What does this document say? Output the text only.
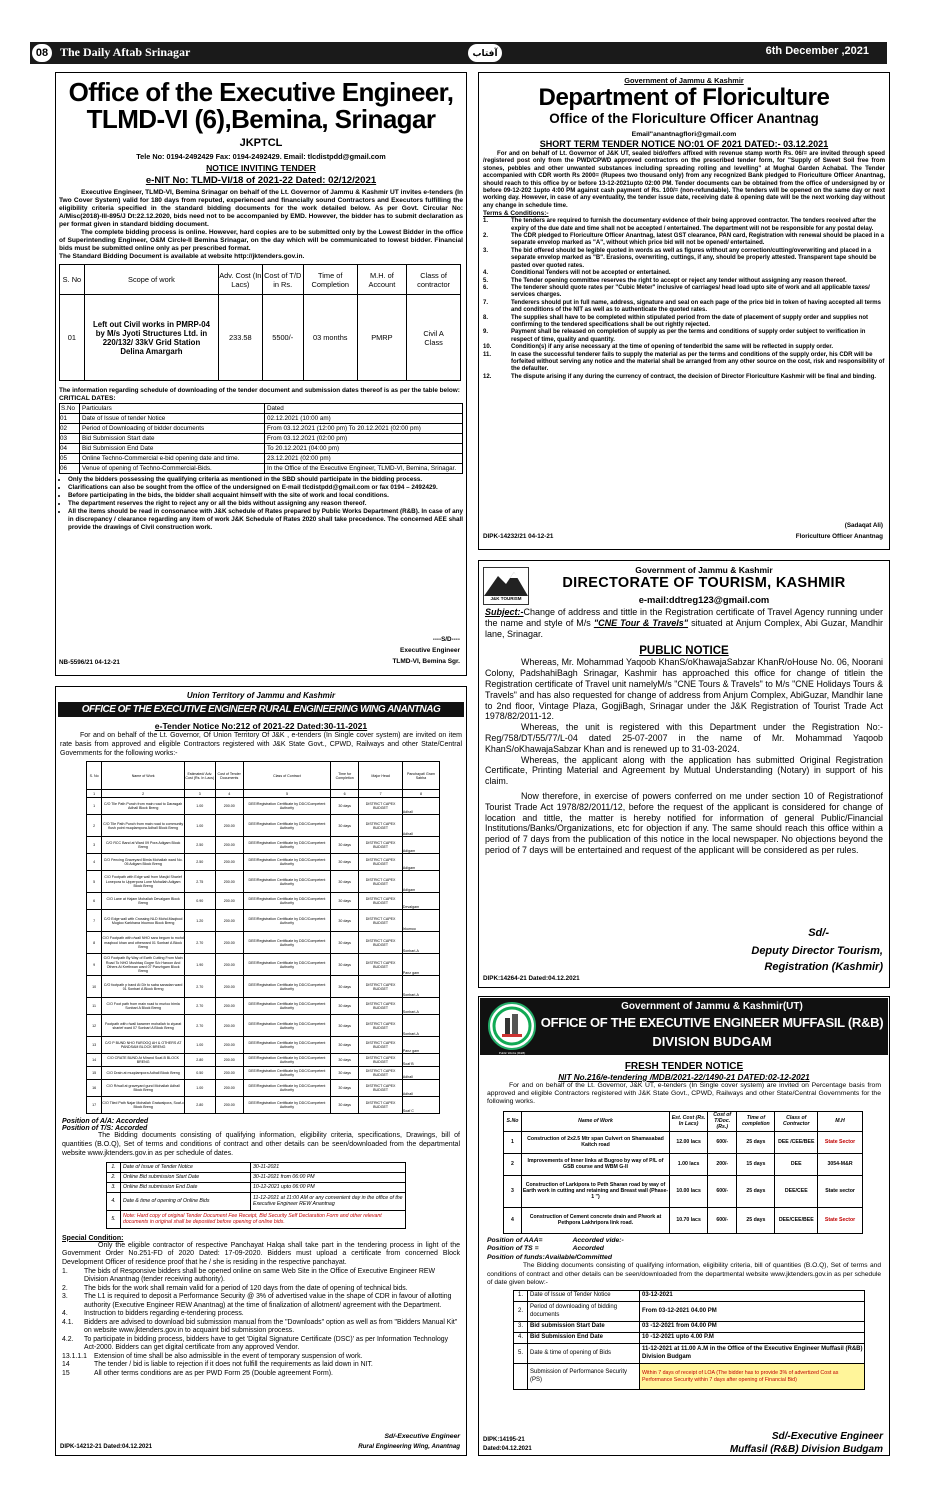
08 The Daily Aftab Srinagar	آفتاب	6th December ,2021
Office of the Executive Engineer,
TLMD-VI (6),Bemina, Srinagar
JKPTCL
Tele No: 0194-2492429 Fax: 0194-2492429. Email: tlcdistpdd@gmail.com
NOTICE INVITING TENDER
e-NIT No: TLMD-VI/18 of 2021-22 Dated: 02/12/2021

Executive Engineer, TLMD-VI, Bemina Srinagar on behalf of the Lt. Governor of Jammu & Kashmir UT invites e-tenders (In Two Cover System) valid for 180 days from reputed, experienced and financially sound Contractors and Executors fulfilling the eligibility criteria specified in the standard bidding documents for the work detailed below. As per Govt. Circular No: A/Misc(2018)-III-895/J Dt:22.12.2020, bids need not to be accompanied by EMD. However, the bidder has to submit declaration as per format given in standard bidding document.

The complete bidding process is online. However, hard copies are to be submitted only by the Lowest Bidder in the office of Superintending Engineer, O&M Circle-II Bemina Srinagar, on the day which will be communicated to lowest bidder. Financial bids must be submitted online only as per prescribed format.

The Standard Bidding Document is available at website http://jktenders.gov.in.

S. No	Scope of work	Adv. Cost (In Lacs)	Cost of T/D in Rs.	Time of Completion	M.H. of Account	Class of contractor
01	Left out Civil works in PMRP-04 by M/s Jyoti Structures Ltd. in 220/132/ 33kV Grid Station Delina Amargarh	233.58	5500/-	03 months	PMRP	Civil A Class

The information regarding schedule of downloading of the tender document and submission dates thereof is as per the table below:

CRITICAL DATES:

S.No	Particulars	Dated
01	Date of Issue of tender Notice	02.12.2021 (10:00 am)
02	Period of Downloading of bidder documents	From 03.12.2021 (12:00 pm) To 20.12.2021 (02:00 pm)
03	Bid Submission Start date	From 03.12.2021 (02:00 pm)
04	Bid Submission End Date	To 20.12.2021 (04:00 pm)
05	Online Techno-Commercial e-bid opening date and time.	23.12.2021 (02:00 pm)
06	Venue of opening of Techno-Commercial-Bids.	In the Office of the Executive Engineer, TLMD-VI, Bemina, Srinagar.
• Only the bidders possessing the qualifying criteria as mentioned in the SBD should participate in the bidding process.
• Clarifications can also be sought from the office of the undersigned on E-mail tlcdistpdd@gmail.com or fax 0194 – 2492429.
• Before participating in the bids, the bidder shall acquaint himself with the site of work and local conditions.
• The department reserves the right to reject any or all the bids without assigning any reason thereof.
• All the items should be read in consonance with J&K schedule of Rates prepared by Public Works Department (R&B). In case of any in discrepancy / clearance regarding any item of work J&K Schedule of Rates 2020 shall take precedence. The concerned AEE shall provide the drawings of Civil construction work.
----S/D----
Executive Engineer
TLMD-VI, Bemina Sgr.
NB-5596/21 04-12-21
Union Territory of Jammu and Kashmir
OFFICE OF THE EXECUTIVE ENGINEER RURAL ENGINEERING WING ANANTNAG
e-Tender Notice No:212 of 2021-22 Dated:30-11-2021

For and on behalf of the Lt. Governor, Of Union Territory Of J&K , e-tenders (In Single cover system) are invited on item rate basis from approved and eligible Contractors registered with J&K State Govt., CPWD, Railways and other State/Central Governments for the following works:-

S. No	Name of Work	Estimated/ Adv. Cost (Rs. In Lacs)	Cost of Tender Documents	Class of Contract	Time for Completion	Major Head	Panchayat/ Gram Sabha
1	2	3	4	5	6	7	8
1	C/O Tile Path Punch from main road to Darasgah Adhall Block Breng	1.00	200.00	DEE/Registration Certificate by DDC/Competent Authority	30 days	DISTRICT CAPEX BUDGET	Adhall
2	C/O Tile Path Punch from main road to community flush point muqdampora Adhall Block Breng	1.00	200.00	DEE/Registration Certificate by DDC/Competent Authority	30 days	DISTRICT CAPEX BUDGET	Adhall
3	C/O RCC Band at Ward 09 Pora Adigam Block Breng	2.50	200.00	DEE/Registration Certificate by DDC/Competent Authority	30 days	DISTRICT CAPEX BUDGET	Adigam
4	C/O Fencing Graveyard Bimla Mohallah ward No. 05 Adigam Block Breng	2.50	200.00	DEE/Registration Certificate by DDC/Competent Authority	30 days	DISTRICT CAPEX BUDGET	Adigam
5	C/O Footpath with Edge wall from Masjid Sharief Lonepora to Upperpora Lone Mohallah Adigam Block Breng	2.75	200.00	DEE/Registration Certificate by DDC/Competent Authority	30 days	DISTRICT CAPEX BUDGET	Adigam
6	C/O Lane at Hajam Mohallah Devalgam Block Breng	0.90	200.00	DEE/Registration Certificate by DDC/Competent Authority	30 days	DISTRICT CAPEX BUDGET	Devalgam
7	C/O Edge wall with Crossing NLD Mohd.Maqbool Mugloo Karkhana Irkumoo Block Breng	1.20	200.00	DEE/Registration Certificate by DDC/Competent Authority	30 days	DISTRICT CAPEX BUDGET	Irkumoo
8	C/O Footpath with r/wall NHO sara begum to mohd maqbool khan and otherward 01 Sonbari A Block Breng	2.70	200.00	DEE/Registration Certificate by DDC/Competent Authority	30 days	DISTRICT CAPEX BUDGET	Sonbari-A
9	C/O Footpath By Way of Earth Cutting From Main Road To NHO Mushtaq Gogre S/o Haroon And Others At Krethwan ward 07 Panzhgam Block Breng	1.90	200.00	DEE/Registration Certificate by DDC/Competent Authority	30 days	DISTRICT CAPEX BUDGET	Panz gam
10	C/O footpath p band At Dir to saba sanadan ward 01 Sonbari A Block Breng	2.70	200.00	DEE/Registration Certificate by DDC/Competent Authority	30 days	DISTRICT CAPEX BUDGET	Sonbari-A
11	C/O Foot path from main road to murloo bimla Sonbari A Block Breng	2.70	200.00	DEE/Registration Certificate by DDC/Competent Authority	30 days	DISTRICT CAPEX BUDGET	Sonbari-A
12	Footpath with r/wall karamer mohallah to ziyarat sharief ward 07 Sonbari A Block Breng	2.70	200.00	DEE/Registration Certificate by DDC/Competent Authority	30 days	DISTRICT CAPEX BUDGET	Sonbari-A
13	C/O P BUND NHO FAROOQ AH & OTHERS AT PANDSAM BLOCK BRENG	1.00	200.00	DEE/Registration Certificate by DDC/Competent Authority	30 days	DISTRICT CAPEX BUDGET	Panz gam
14	C/O CRATE BUND At Mirand Soaf-B BLOCK BRENG	2.80	200.00	DEE/Registration Certificate by DDC/Competent Authority	30 days	DISTRICT CAPEX BUDGET	Soaf B
15	C/O Drain at muqdampora Adhall Block Breng	0.50	200.00	DEE/Registration Certificate by DDC/Competent Authority	30 days	DISTRICT CAPEX BUDGET	Adhall
16	C/O R/wall at graveyard gund Mohallah Adhall Block Breng	1.00	200.00	DEE/Registration Certificate by DDC/Competent Authority	30 days	DISTRICT CAPEX BUDGET	Adhall
17	C/O Tiled Path Najar Mohallah Gratwalpora, Soaf-c Block Breng	2.80	200.00	DEE/Registration Certificate by DDC/Competent Authority	30 days	DISTRICT CAPEX BUDGET	Soaf C

Position of A/A: Accorded

Position of T/S: Accorded

The Bidding documents consisting of qualifying information, eligibility criteria, specifications, Drawings, bill of quantities (B.O.Q), Set of terms and conditions of contract and other details can be seen/downloaded from the departmental website www.jktenders.gov.in as per schedule of dates.

1.	Date of Issue of Tender Notice	30-11-2021
2.	Online Bid submission Start Date	30-11-2021 from 06:00 PM
3.	Online Bid submission End Date	10-12-2021 upto 06:00 PM
4.	Date & time of opening of Online Bids	11-12-2021 at 11:00 AM or any convenient day in the office of the Executive Engineer REW Anantnag
5.	Note: Hard copy of original Tender Document Fee Receipt, Bid Security Self Declaration Form and other relevant documents in original shall be deposited before opening of online bids.	

Special Condition:

Only the eligible contractor of respective Panchayat Halqa shall take part in the tendering process in light of the Government Order No.251-FD of 2020 Dated: 17-09-2020. Bidders must upload a certificate from concerned Block Development Officer of residence proof that he / she is residing in the respective panchayat.

1.	The bids of Responsive bidders shall be opened online on same Web Site in the Office of Executive Engineer REW Division Anantnag (tender receiving authority).
2.	The bids for the work shall remain valid for a period of 120 days from the date of opening of technical bids.
3.	The L1 is required to deposit a Performance Security @ 3% of advertised value in the shape of CDR in favour of allotting authority (Executive Engineer REW Anantnag) at the time of finalization of allotment/ agreement with the Department.
4.	Instruction to bidders regarding e-tendering process.
4.1.	Bidders are advised to download bid submission manual from the "Downloads" option as well as from "Bidders Manual Kit" on website www.jktenders.gov.in to acquaint bid submission process.
4.2.	To participate in bidding process, bidders have to get 'Digital Signature Certificate (DSC)' as per Information Technology Act-2000. Bidders can get digital certificate from any approved Vendor.
13.1.1.1	Extension of time shall be also admissible in the event of temporary suspension of work.
14	The tender / bid is liable to rejection if it does not fulfill the requirements as laid down in NIT.
15	All other terms conditions are as per PWD Form 25 (Double agreement Form).
Sd/-Executive Engineer
Rural Engineering Wing, Anantnag
DIPK-14212-21 Dated:04.12.2021
Government of Jammu & Kashmir
Department of Floriculture
Office of the Floriculture Officer Anantnag
Email"anantnagflori@gmail.com
SHORT TERM TENDER NOTICE NO:01 OF 2021 DATED:- 03.12.2021

For and on behalf of Lt. Governor of J&K UT, sealed bid/offers affixed with revenue stamp worth Rs. 06/= are invited through speed /registered post only from the PWD/CPWD approved contractors on the prescribed tender form, for "Supply of Sweet Soil free from stones, pebbles and other unwanted substances including spreading rolling and levelling" at Mughal Garden Achabal. The Tender accompanied with CDR worth Rs 2000= (Rupees two thousand only) from any recognized Bank pledged to Floriculture Officer Anantnag, should reach to this office by or before 13-12-2021upto 02:00 PM. Tender documents can be obtained from the office of undersigned by or before 09-12-202 1upto 4:00 PM against cash payment of Rs. 100/= (non-refundable). The tenders will be opened on the same day or next working day. However, in case of any eventuality, the tender issue date, receiving date & opening date will be the next working day without any change in schedule time.

Terms & Conditions:-

1.	The tenders are required to furnish the documentary evidence of their being approved contractor. The tenders received after the expiry of the due date and time shall not be accepted / entertained. The department will not be responsible for any postal delay.
2.	The CDR pledged to Floriculture Officer Anantnag, latest GST clearance, PAN card, Registration with renewal should be placed in a separate envelop marked as "A", without which price bid will not be opened/ entertained.
3.	The bid offered should be legible quoted in words as well as figures without any correction/cutting/overwriting and placed in a separate envelop marked as "B". Erasions, overwriting, cuttings, if any, should be properly attested. Transparent tape should be pasted over quoted rates.
4.	Conditional Tenders will not be accepted or entertained.
5.	The Tender opening committee reserves the right to accept or reject any tender without assigning any reason thereof.
6.	The tenderer should quote rates per "Cubic Meter" inclusive of carriages/ head load upto site of work and all applicable taxes/ services charges.
7.	Tenderers should put in full name, address, signature and seal on each page of the price bid in token of having accepted all terms and conditions of the NIT as well as to authenticate the quoted rates.
8.	The supplies shall have to be completed within stipulated period from the date of placement of supply order and supplies not confirming to the tendered specifications shall be out rightly rejected.
9.	Payment shall be released on completion of supply as per the terms and conditions of supply order subject to verification in respect of time, quality and quantity.
10.	Condition(s) if any arise necessary at the time of opening of tender/bid the same will be reflected in supply order.
11.	In case the successful tenderer fails to supply the material as per the terms and conditions of the supply order, his CDR will be forfeited without serving any notice and the material shall be arranged from any other source on the cost, risk and responsibility of the defaulter.
12.	The dispute arising if any during the currency of contract, the decision of Director Floriculture Kashmir will be final and binding.
(Sadaqat Ali)
Floriculture Officer Anantnag
DIPK-14232/21 04-12-21
J&K TOURISM
Government of Jammu & Kashmir
DIRECTORATE OF TOURISM, KASHMIR
e-mail:ddtreg123@gmail.com

Subject:-Change of address and tittle in the Registration certificate of Travel Agency running under the name and style of M/s "CNE Tour & Travels" situated at Anjum Complex, Abi Guzar, Mandhir lane, Srinagar.

PUBLIC NOTICE

Whereas, Mr. Mohammad Yaqoob KhanS/oKhawajaSabzar KhanR/oHouse No. 06, Noorani Colony, PadshahiBagh Srinagar, Kashmir has approached this office for change of titlein the Registration certificate of Travel unit namelyM/s "CNE Tours & Travels" to M/s "CNE Holidays Tours & Travels" and has also requested for change of address from Anjum Complex, AbiGuzar, Mandhir lane to 2nd floor, Vintage Plaza, GogjiBagh, Srinagar under the J&K Registration of Tourist Trade Act 1978/82/2011-12.

Whereas, the unit is registered with this Department under the Registration No:-Reg/758/DT/55/77/L-04 dated 25-07-2007 in the name of Mr. Mohammad Yaqoob KhanS/oKhawajaSabzar Khan and is renewed up to 31-03-2024.

Whereas, the applicant along with the application has submitted Original Registration Certificate, Printing Material and Agreement by Mutual Understanding (Notary) in support of his claim.

Now therefore, in exercise of powers conferred on me under section 10 of Registrationof Tourist Trade Act 1978/82/2011/12, before the request of the applicant is considered for change of location and tittle, the matter is hereby notified for information of general Public/Financial Institutions/Banks/Organizations, etc for objection if any. The same should reach this office within a period of 7 days from the publication of this notice in the local newspaper. No objections beyond the period of 7 days will be entertained and request of the applicant will be considered as per rules.

Sd/-
Deputy Director Tourism,
Registration (Kashmir)
DIPK:14264-21 Dated:04.12.2021
Public Works (R&B)
Government of Jammu & Kashmir(UT)
OFFICE OF THE EXECUTIVE ENGINEER MUFFASIL (R&B)
DIVISION BUDGAM
FRESH TENDER NOTICE
NIT No.216/e-tendering /MDB/2021-22/1490-21 DATED:02-12-2021

For and on behalf of the Lt. Governor, J&K UT, e-tenders (In Single cover system) are invited on Percentage basis from approved and eligible Contractors registered with J&K State Govt., CPWD, Railways and other State/Central Governments for the following works.

S.No	Name of Work	Est. Cost (Rs. In Lacs)	Cost of T/Doc. (Rs.)	Time of completion	Class of Contractor	M.H
1	Construction of 2x2.5 Mtr span Culvert on Shamasabad Kaitch road	12.00 lacs	600/-	25 days	DEE /CEE/BEE	State Sector
2	Improvements of Inner links at Bugroo by way of P/L of GSB course and WBM G-II	1.00 lacs	200/-	15 days	DEE	3054-M&R
3	Construction of Larkipora to Peth Sharan road by way of Earth work in cutting and retaining and Breast wall (Phase-1 ")	10.00 lacs	600/-	25 days	DEE/CEE	State sector
4	Construction of Cement concrete drain and P/work at Pethpora Lakhripora link road.	10.70 lacs	600/-	25 days	DEE/CEE/BEE	State Sector
Position of AAA=	Accorded vide:-
Position of TS =	Accorded
Position of funds:Available/Committed

The Bidding documents consisting of qualifying information, eligibility criteria, bill of quantities (B.O.Q), Set of terms and conditions of contract and other details can be seen/downloaded from the departmental website www.jktenders.gov.in as per schedule of date given below:-

1.	Date of Issue of Tender Notice	03-12-2021
2.	Period of downloading of bidding documents	From 03-12-2021 04.00 PM
3.	Bid submission Start Date	03 -12-2021 from 04.00 PM
4.	Bid Submission End Date	10 -12-2021 upto 4.00 P.M
5.	Date & time of opening of Bids	11-12-2021 at 11.00 A.M in the Office of the Executive Engineer Muffasil (R&B) Division Budgam
	Submission of Performance Security (PS)	Within 7 days of receipt of LOA (The bidder has to provide 3% of advertized Cost as Performance Security within 7 days after opening of Financial Bid)
Sd/-Executive Engineer
Muffasil (R&B) Division Budgam
DIPK:14195-21
Dated:04.12.2021
